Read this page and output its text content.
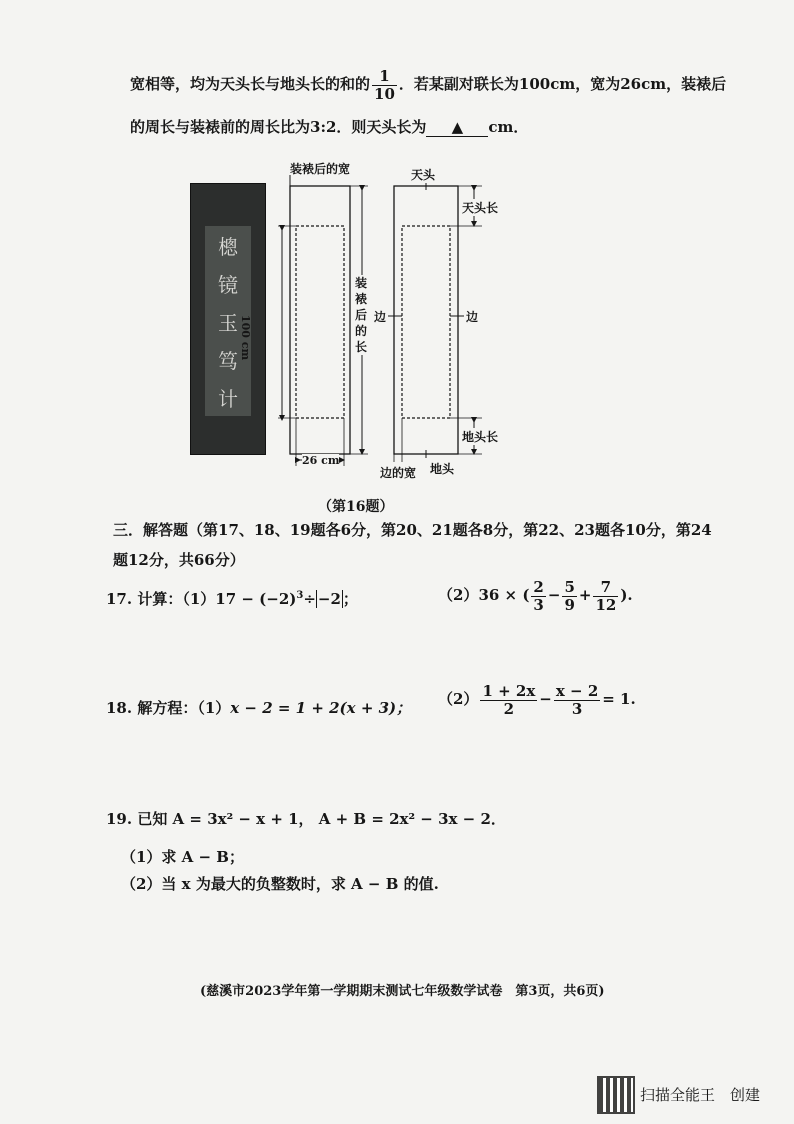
宽相等，均为天头长与地头长的和的 $\frac{1}{10}$ ．若某副对联长为100cm，宽为26cm，装裱后
的周长与装裱前的周长比为3:2．则天头长为 ▲ cm．
樬
镜
玉
笃
计
装裱后的宽
100 cm
装
裱
后
的
长
26 cm
天头
天头长
边	边
地头长
边的宽 地头
（第16题）
三．解答题（第17、18、19题各6分，第20、21题各8分，第22、23题各10分，第24
题12分，共66分）
17. 计算：$(1)17 - (-2)^3\div -2$ ；	（2）36 × ( $\frac{2}{3} - \frac{5}{9} + \frac{7}{12}$ ).
18. 解方程：（1）x − 2 = 1 + 2(x + 3)； $(2) \frac{1 + 2x}{2} - \frac{x - 2}{3} = 1$.
19. 已知 A = 3x² − x + 1， A + B = 2x² − 3x − 2．
（1）求 A − B；
（2）当 x 为最大的负整数时，求 A − B 的值.
(慈溪市2023学年第一学期期末测试七年级数学试卷　第3页，共6页)
扫描全能王　创建
